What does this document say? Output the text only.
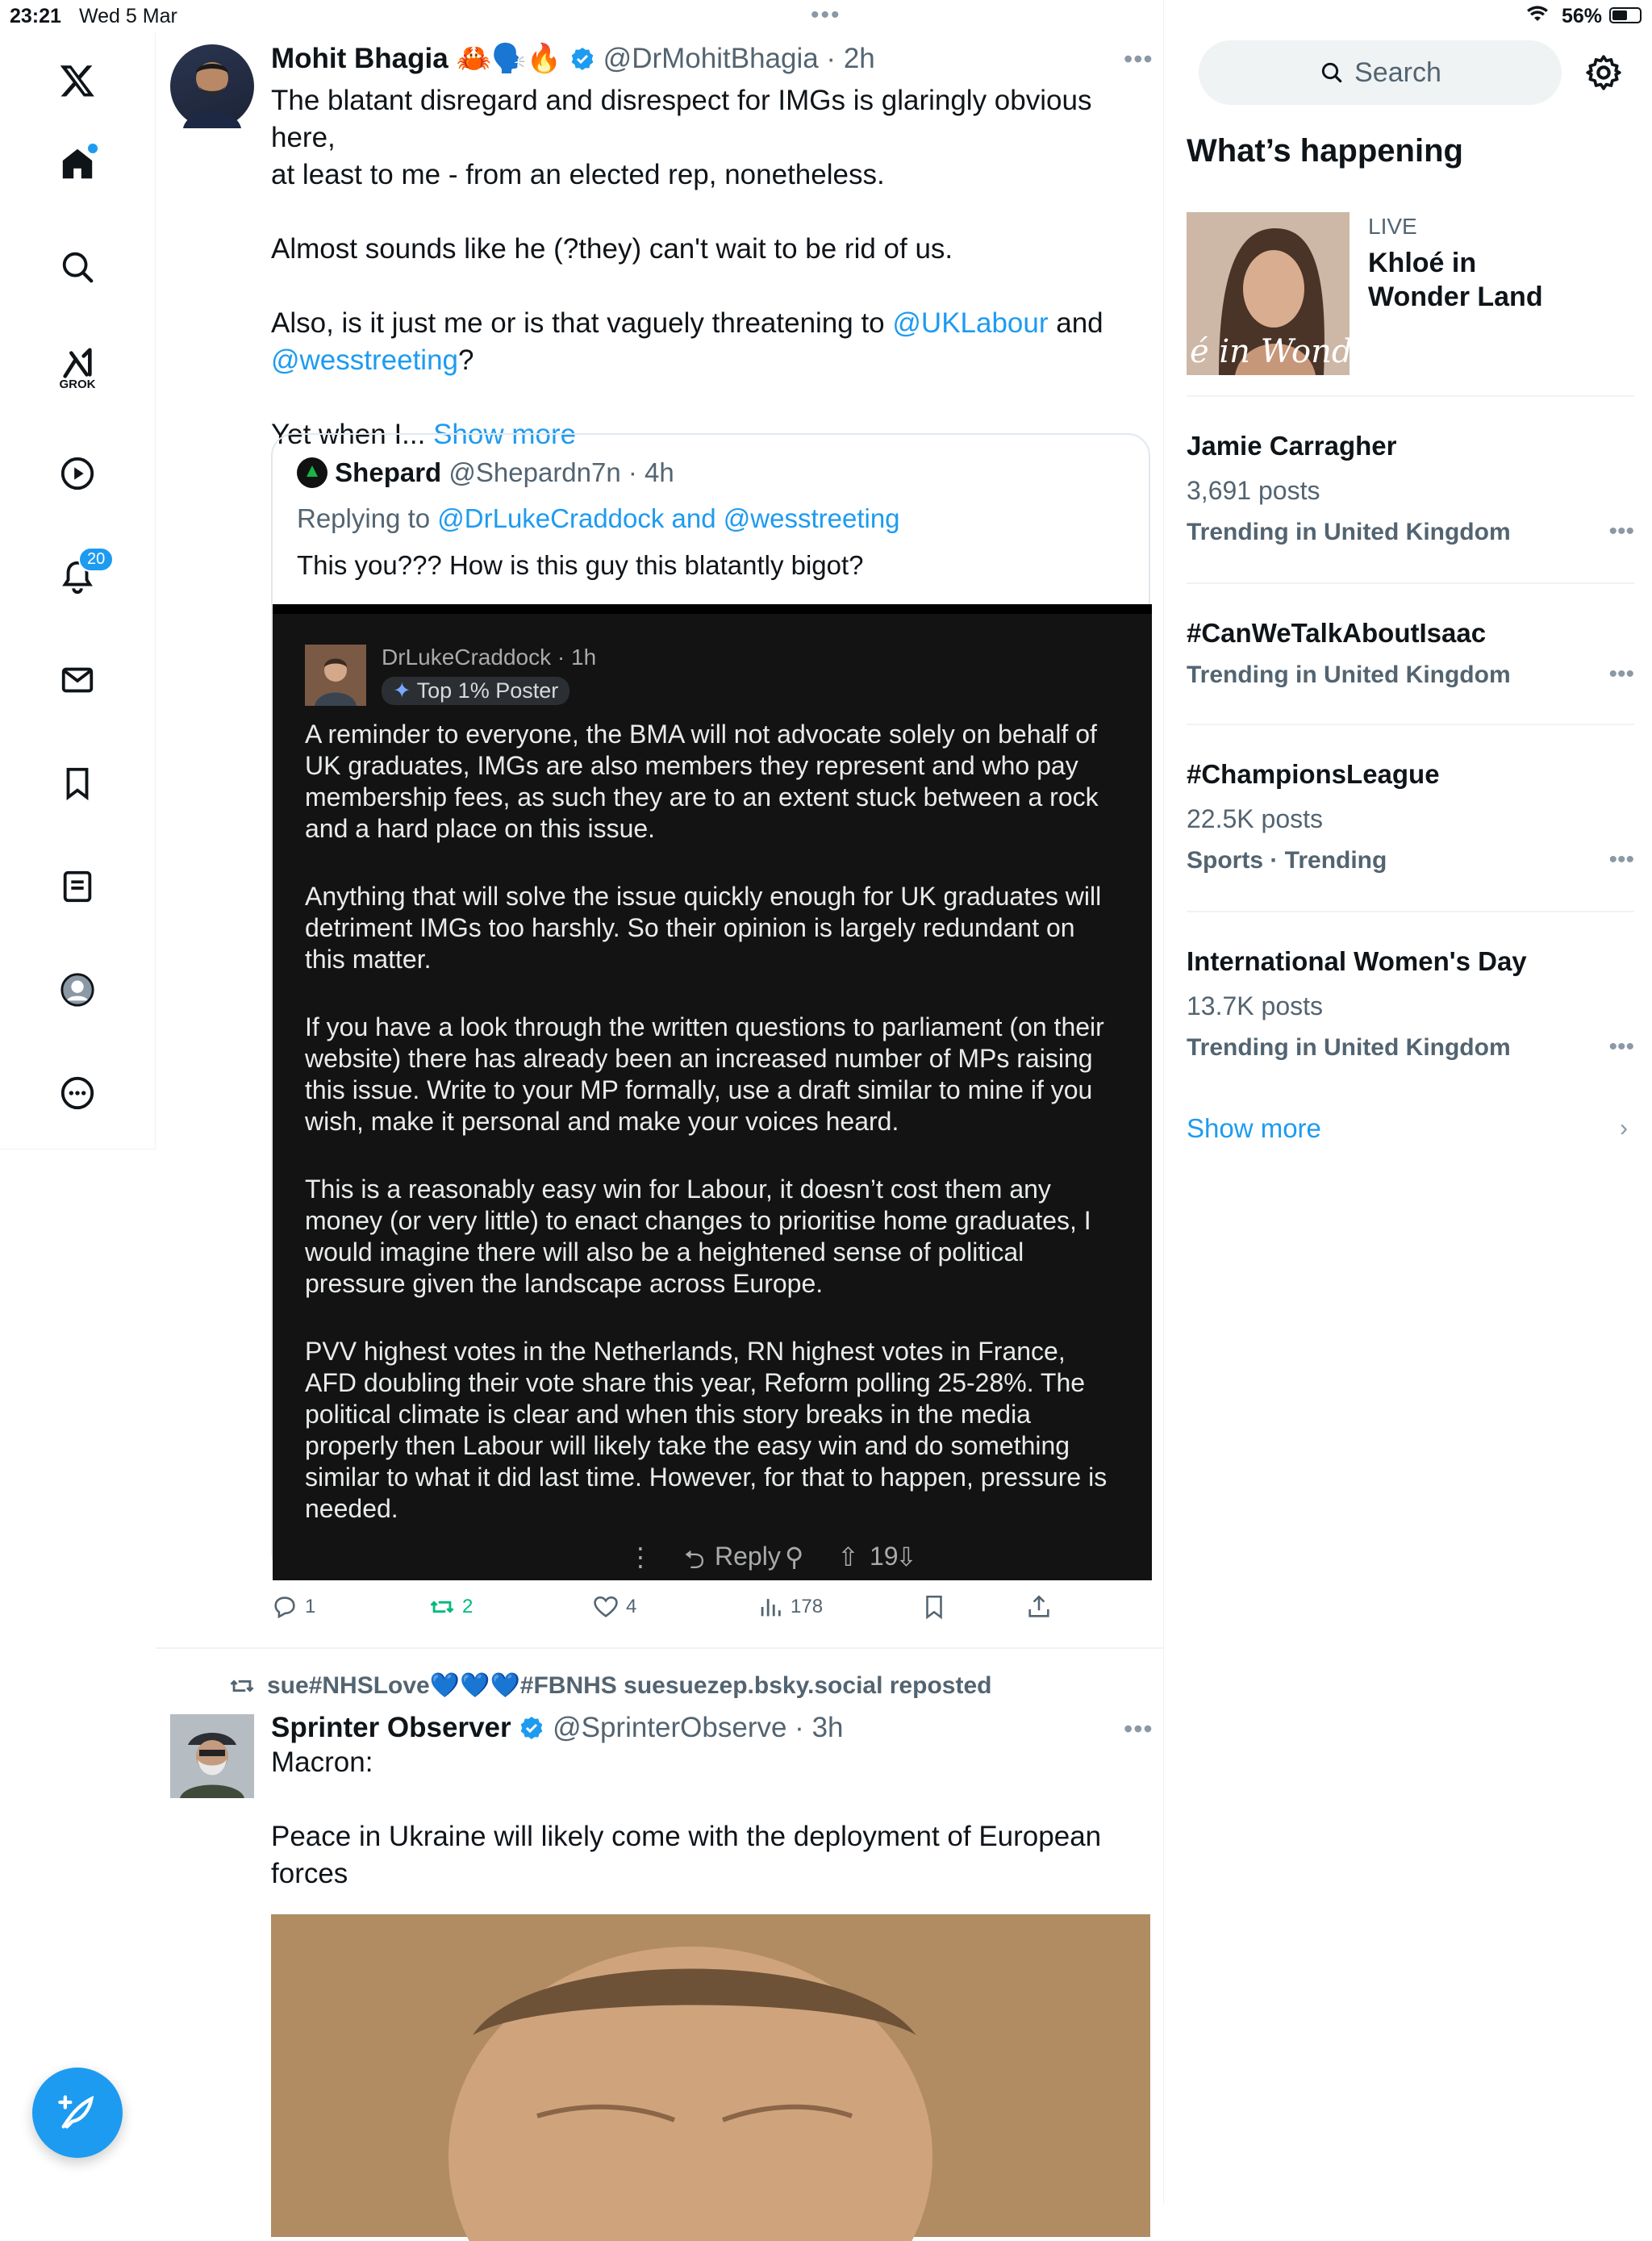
23:21 Wed 5 Mar	•••	56%
GROK
20
Mohit Bhagia 🦀🗣️🔥 @DrMohitBhagia · 2h	•••
The blatant disregard and disrespect for IMGs is glaringly obvious here,
at least to me - from an elected rep, nonetheless.
Almost sounds like he (?they) can't wait to be rid of us.
Also, is it just me or is that vaguely threatening to @UKLabour and
@wesstreeting?
Yet when I... Show more
Shepard @Shepardn7n · 4h
Replying to @DrLukeCraddock and @wesstreeting
This you??? How is this guy this blatantly bigot?
DrLukeCraddock · 1h
✦ Top 1% Poster

A reminder to everyone, the BMA will not advocate solely on behalf of UK graduates, IMGs are also members they represent and who pay membership fees, as such they are to an extent stuck between a rock and a hard place on this issue.

Anything that will solve the issue quickly enough for UK graduates will detriment IMGs too harshly. So their opinion is largely redundant on this matter.

If you have a look through the written questions to parliament (on their website) there has already been an increased number of MPs raising this issue. Write to your MP formally, use a draft similar to mine if you wish, make it personal and make your voices heard.

This is a reasonably easy win for Labour, it doesn’t cost them any money (or very little) to enact changes to prioritise home graduates, I would imagine there will also be a heightened sense of political pressure given the landscape across Europe.

PVV highest votes in the Netherlands, RN highest votes in France, AFD doubling their vote share this year, Reform polling 25-28%. The political climate is clear and when this story breaks in the media properly then Labour will likely take the easy win and do something similar to what it did last time. However, for that to happen, pressure is needed.

⋮ ⮌ Reply ⚲ ⇧ 19
⇩
1	2	4	178
sue#NHSLove💙💙💙#FBNHS suesuezep.bsky.social reposted
Sprinter Observer @SprinterObserve · 3h	•••
Macron:
Peace in Ukraine will likely come with the deployment of European
forces
Search
What’s happening
é in Wonder l
LIVE
Khloé in Wonder Land
Jamie Carragher
3,691 posts
Trending in United Kingdom	•••
#CanWeTalkAboutIsaac
Trending in United Kingdom	•••
#ChampionsLeague
22.5K posts
Sports · Trending	•••
International Women's Day
13.7K posts
Trending in United Kingdom	•••
Show more	›
